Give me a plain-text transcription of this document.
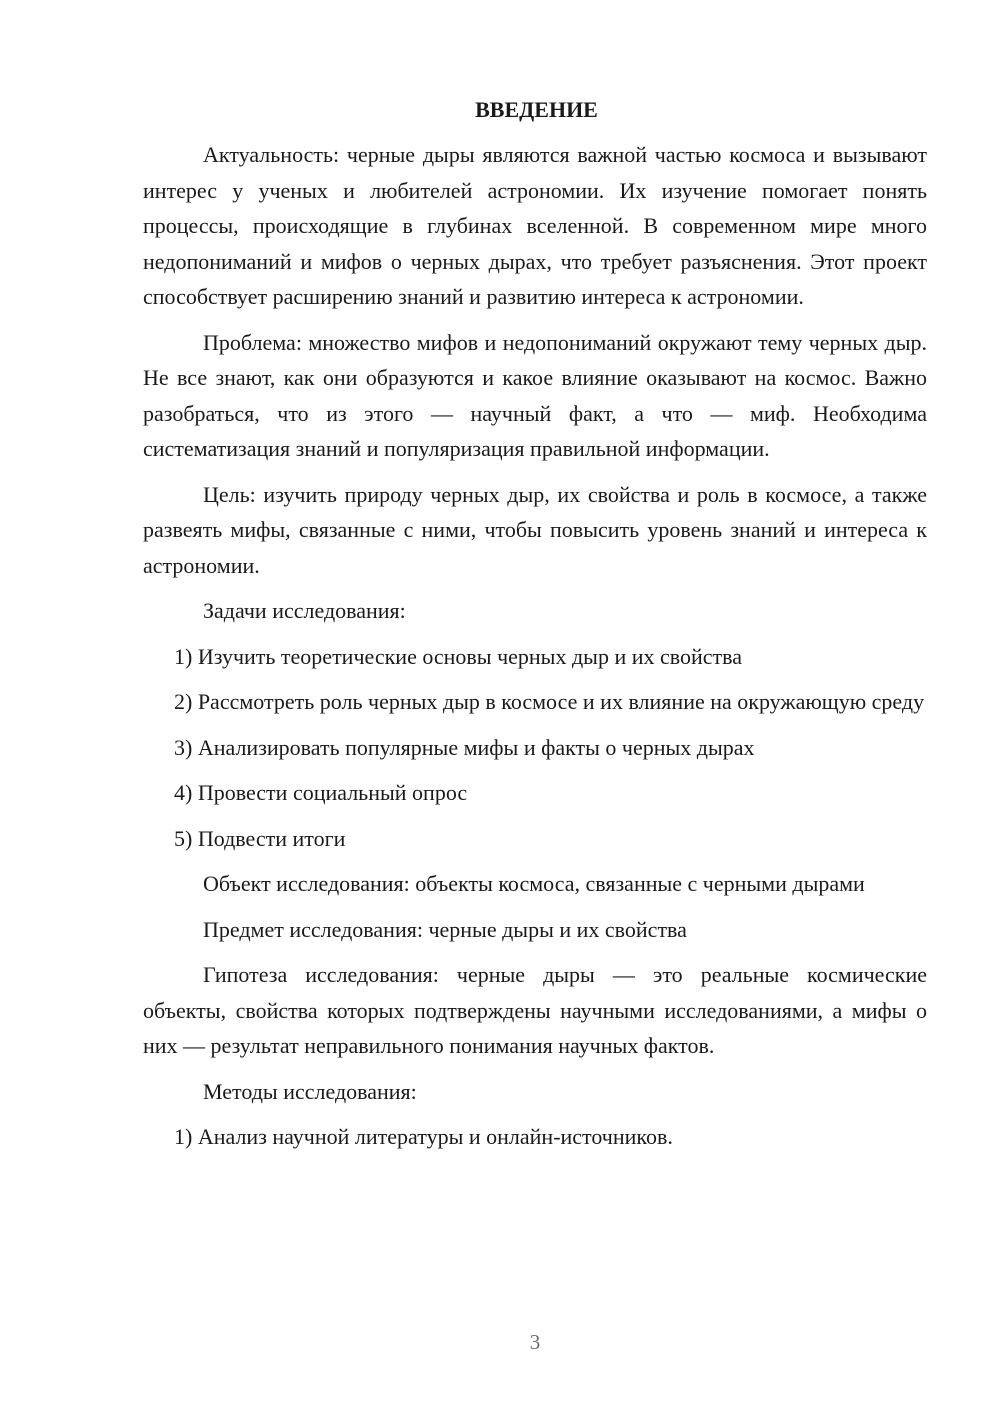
ВВЕДЕНИЕ

Актуальность: черные дыры являются важной частью космоса и вызывают интерес у ученых и любителей астрономии. Их изучение помогает понять процессы, происходящие в глубинах вселенной. В современном мире много недопониманий и мифов о черных дырах, что требует разъяснения. Этот проект способствует расширению знаний и развитию интереса к астрономии.

Проблема: множество мифов и недопониманий окружают тему черных дыр. Не все знают, как они образуются и какое влияние оказывают на космос. Важно разобраться, что из этого — научный факт, а что — миф. Необходима систематизация знаний и популяризация правильной информации.

Цель: изучить природу черных дыр, их свойства и роль в космосе, а также развеять мифы, связанные с ними, чтобы повысить уровень знаний и интереса к астрономии.

Задачи исследования:

1) Изучить теоретические основы черных дыр и их свойства

2) Рассмотреть роль черных дыр в космосе и их влияние на окружающую среду

3) Анализировать популярные мифы и факты о черных дырах

4) Провести социальный опрос

5) Подвести итоги

Объект исследования: объекты космоса, связанные с черными дырами

Предмет исследования: черные дыры и их свойства

Гипотеза исследования: черные дыры — это реальные космические объекты, свойства которых подтверждены научными исследованиями, а мифы о них — результат неправильного понимания научных фактов.

Методы исследования:

1) Анализ научной литературы и онлайн-источников.

3
